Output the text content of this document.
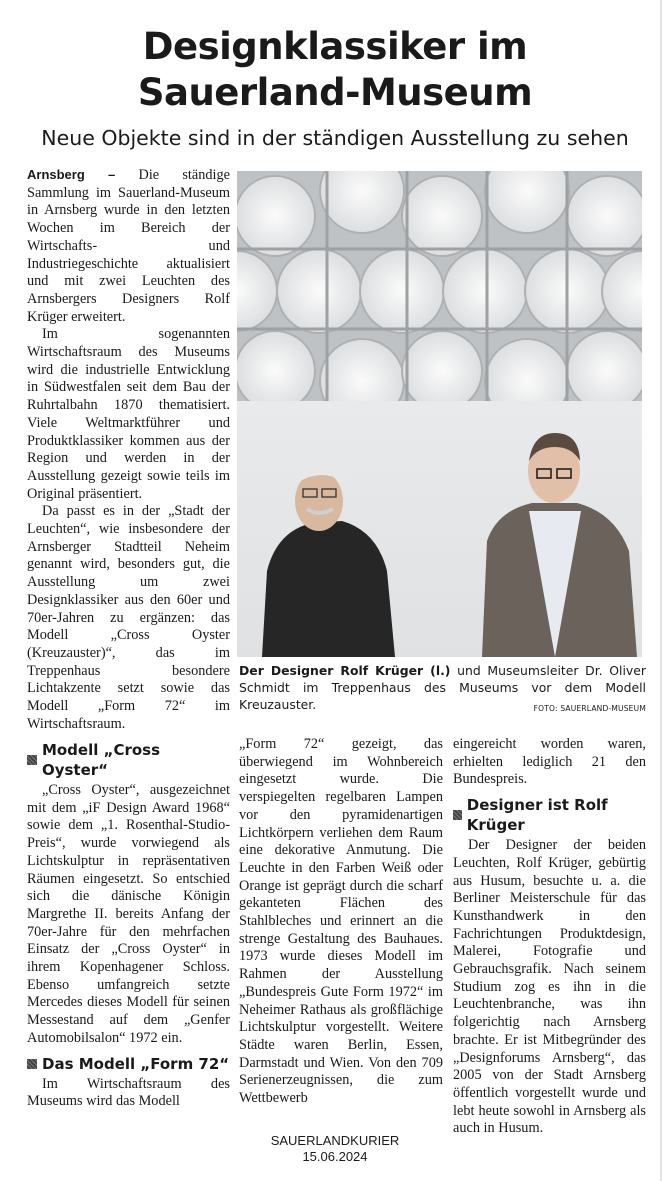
Designklassiker im
Sauerland-Museum
Neue Objekte sind in der ständigen Ausstellung zu sehen

Arnsberg – Die ständige Sammlung im Sauerland-Museum in Arnsberg wurde in den letzten Wochen im Bereich der Wirtschafts- und Industriegeschichte aktualisiert und mit zwei Leuchten des Arnsbergers Designers Rolf Krüger erweitert.

Im sogenannten Wirtschaftsraum des Museums wird die industrielle Entwicklung in Südwestfalen seit dem Bau der Ruhrtalbahn 1870 thematisiert. Viele Weltmarktführer und Produktklassiker kommen aus der Region und werden in der Ausstellung gezeigt sowie teils im Original präsentiert.

Da passt es in der „Stadt der Leuchten“, wie insbesondere der Arnsberger Stadtteil Neheim genannt wird, besonders gut, die Ausstellung um zwei Designklassiker aus den 60er und 70er-Jahren zu ergänzen: das Modell „Cross Oyster (Kreuzauster)“, das im Treppenhaus besondere Lichtakzente setzt sowie das Modell „Form 72“ im Wirtschaftsraum.

Der Designer Rolf Krüger (l.) und Museumsleiter Dr. Oliver Schmidt im Treppenhaus des Museums vor dem Modell Kreuzauster.	FOTO: SAUERLAND-MUSEUM
Modell „Cross Oyster“

„Cross Oyster“, ausgezeichnet mit dem „iF Design Award 1968“ sowie dem „1. Rosenthal-Studio-Preis“, wurde vorwiegend als Lichtskulptur in repräsentativen Räumen eingesetzt. So entschied sich die dänische Königin Margrethe II. bereits Anfang der 70er-Jahre für den mehrfachen Einsatz der „Cross Oyster“ in ihrem Kopenhagener Schloss. Ebenso umfangreich setzte Mercedes dieses Modell für seinen Messestand auf dem „Genfer Automobilsalon“ 1972 ein.

Das Modell „Form 72“

Im Wirtschaftsraum des Museums wird das Modell

„Form 72“ gezeigt, das überwiegend im Wohnbereich eingesetzt wurde. Die verspiegelten regelbaren Lampen vor den pyramidenartigen Lichtkörpern verliehen dem Raum eine dekorative Anmutung. Die Leuchte in den Farben Weiß oder Orange ist geprägt durch die scharf gekanteten Flächen des Stahlbleches und erinnert an die strenge Gestaltung des Bauhaues. 1973 wurde dieses Modell im Rahmen der Ausstellung „Bundespreis Gute Form 1972“ im Neheimer Rathaus als großflächige Lichtskulptur vorgestellt. Weitere Städte waren Berlin, Essen, Darmstadt und Wien. Von den 709 Serienerzeugnissen, die zum Wettbewerb

eingereicht worden waren, erhielten lediglich 21 den Bundespreis.

Designer ist Rolf Krüger

Der Designer der beiden Leuchten, Rolf Krüger, gebürtig aus Husum, besuchte u. a. die Berliner Meisterschule für das Kunsthandwerk in den Fachrichtungen Produktdesign, Malerei, Fotografie und Gebrauchsgrafik. Nach seinem Studium zog es ihn in die Leuchtenbranche, was ihn folgerichtig nach Arnsberg brachte. Er ist Mitbegründer des „Designforums Arnsberg“, das 2005 von der Stadt Arnsberg öffentlich vorgestellt wurde und lebt heute sowohl in Arnsberg als auch in Husum.

SAUERLANDKURIER
15.06.2024
